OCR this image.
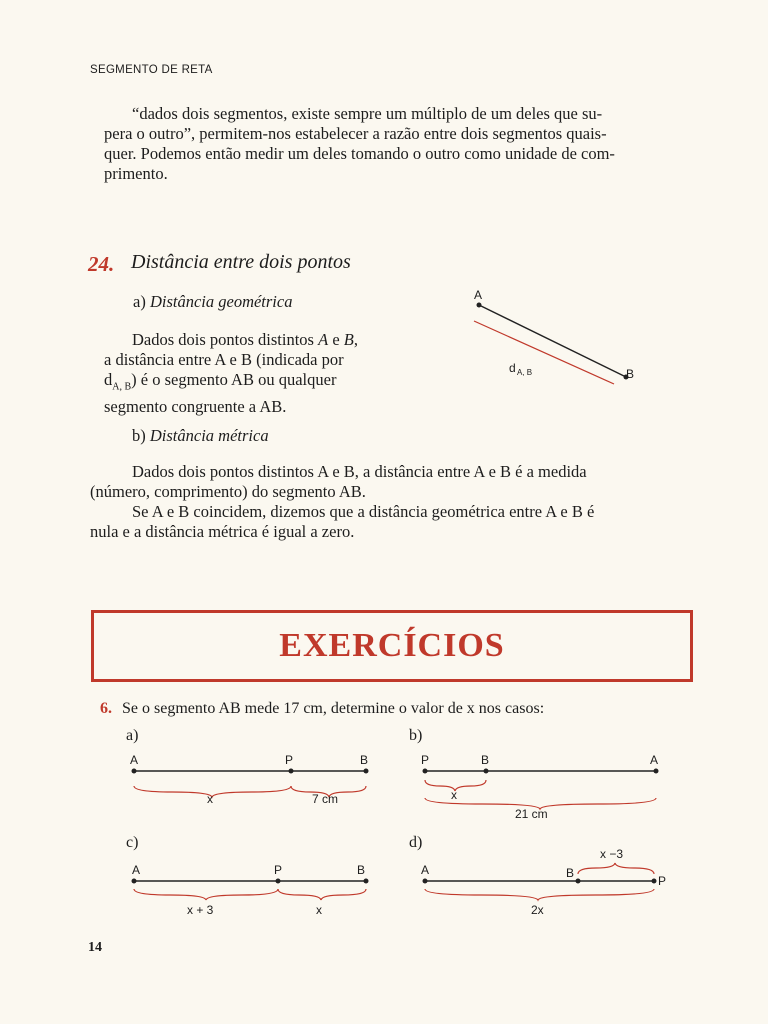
SEGMENTO DE RETA
“dados dois segmentos, existe sempre um múltiplo de um deles que su-
pera o outro”, permitem-nos estabelecer a razão entre dois segmentos quais-
quer. Podemos então medir um deles tomando o outro como unidade de com-
primento.
24. Distância entre dois pontos
a) Distância geométrica
Dados dois pontos distintos A e B,
a distância entre A e B (indicada por
$d_{A, B}$) é o segmento AB ou qualquer
segmento congruente a AB.
A
B
d A, B
A	P	B
x	7 cm
P	B	A
x
21 cm
A	P	B
x + 3	x
A	B
P
x −3
2x
b) Distância métrica
Dados dois pontos distintos A e B, a distância entre A e B é a medida
(número, comprimento) do segmento AB.
Se A e B coincidem, dizemos que a distância geométrica entre A e B é
nula e a distância métrica é igual a zero.
EXERCÍCIOS
6. Se o segmento AB mede 17 cm, determine o valor de x nos casos:
a)	b)
c)	d)
14
